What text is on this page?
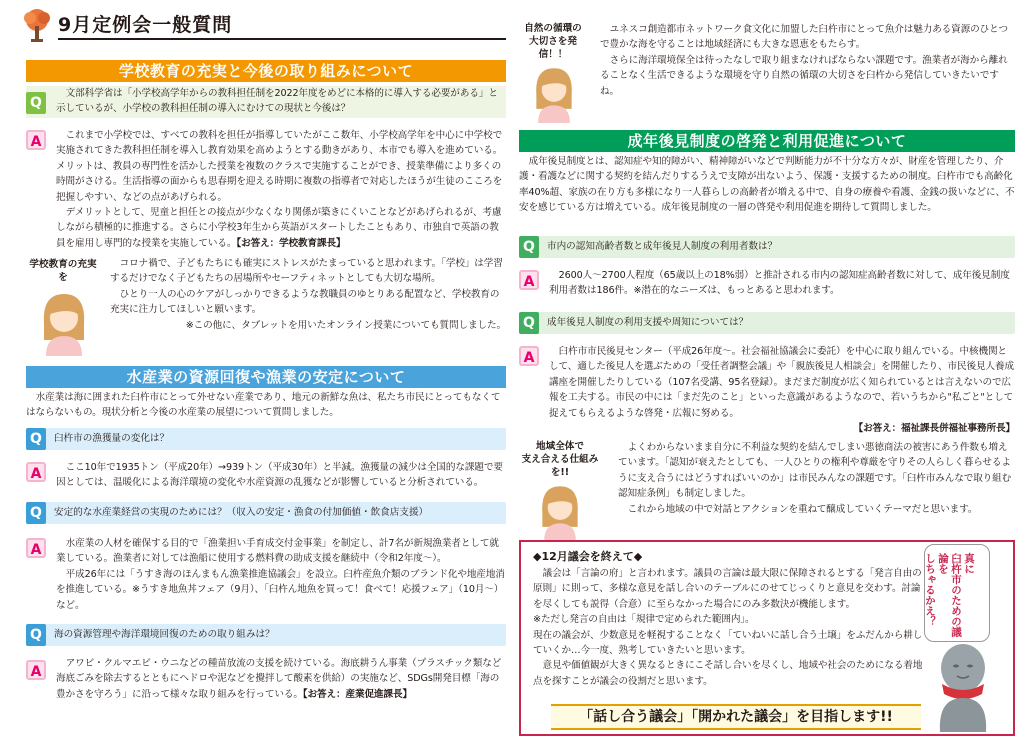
9月定例会一般質問
学校教育の充実と今後の取り組みについて
Q

文部科学省は「小学校高学年からの教科担任制を2022年度をめどに本格的に導入する必要がある」と示しているが、小学校の教科担任制の導入にむけての現状と今後は？

A	これまで小学校では、すべての教科を担任が指導していたがここ数年、小学校高学年を中心に中学校で実施されてきた教科担任制を導入し教育効果を高めようとする動きがあり、本市でも導入を進めている。メリットは、教員の専門性を活かした授業を複数のクラスで実施することができ、授業準備により多くの時間がさける。生活指導の面からも思春期を迎える時期に複数の指導者で対応したほうが生徒のこころを把握しやすい、などの点があげられる。

デメリットとして、児童と担任との接点が少なくなり関係が築きにくいことなどがあげられるが、考慮しながら積極的に推進する。さらに小学校3年生から英語がスタートしたこともあり、市独自で英語の教員を雇用し専門的な授業を実施している。【お答え：学校教育課長】

学校教育の充実を

コロナ禍で、子どもたちにも確実にストレスがたまっていると思われます。「学校」は学習するだけでなく子どもたちの居場所やセーフティネットとしても大切な場所。

ひとり一人の心のケアがしっかりできるような教職員のゆとりある配置など、学校教育の充実に注力してほしいと願います。

※この他に、タブレットを用いたオンライン授業についても質問しました。

水産業の資源回復や漁業の安定について

水産業は海に囲まれた臼杵市にとって外せない産業であり、地元の新鮮な魚は、私たち市民にとってもなくてはならないもの。現状分析と今後の水産業の展望について質問しました。

Q	臼杵市の漁獲量の変化は？
A	ここ10年で1935トン（平成20年）→939トン（平成30年）と半減。漁獲量の減少は全国的な課題で要因としては、温暖化による海洋環境の変化や水産資源の乱獲などが影響していると分析されている。

Q	安定的な水産業経営の実現のためには？（収入の安定・漁食の付加価値・飲食店支援）
A	水産業の人材を確保する目的で「漁業担い手育成交付金事業」を制定し、計7名が新規漁業者として就業している。漁業者に対しては漁船に使用する燃料費の助成支援を継続中（令和2年度〜）。

平成26年には「うすき海のほんまもん漁業推進協議会」を設立。臼杵産魚介類のブランド化や地産地消を推進している。※うすき地魚丼フェア（9月）、「臼杵ん地魚を買って！食べて！応援フェア」（10月〜）など。

Q	海の資源管理や海洋環境回復のための取り組みは？
A

アワビ・クルマエビ・ウニなどの種苗放流の支援を続けている。海底耕うん事業（プラスチック類など海底ごみを除去するとともにヘドロや泥などを攪拌して酸素を供給）の実施など、SDGs開発目標「海の豊かさを守ろう」に沿って様々な取り組みを行っている。【お答え：産業促進課長】

自然の循環の
大切さを発信！！

ユネスコ創造都市ネットワーク食文化に加盟した臼杵市にとって魚介は魅力ある資源のひとつで豊かな海を守ることは地域経済にも大きな恩恵をもたらす。

さらに海洋環境保全は待ったなしで取り組まなければならない課題です。漁業者が海から離れることなく生活できるような環境を守り自然の循環の大切さを臼杵から発信していきたいですね。

成年後見制度の啓発と利用促進について

成年後見制度とは、認知症や知的障がい、精神障がいなどで判断能力が不十分な方々が、財産を管理したり、介護・看護などに関する契約を結んだりするうえで支障が出ないよう、保護・支援するための制度。臼杵市でも高齢化率40%超、家族の在り方も多様になり一人暮らしの高齢者が増える中で、自身の療養や看護、金銭の扱いなどに、不安を感じている方は増えている。成年後見制度の一層の啓発や利用促進を期待して質問しました。

Q	市内の認知高齢者数と成年後見人制度の利用者数は？
A	2600人〜2700人程度（65歳以上の18%弱）と推計される市内の認知症高齢者数に対して、成年後見制度利用者数は186件。※潜在的なニーズは、もっとあると思われます。

Q	成年後見人制度の利用支援や周知については？
A	臼杵市市民後見センター（平成26年度〜。社会福祉協議会に委託）を中心に取り組んでいる。中核機関として、適した後見人を選ぶための「受任者調整会議」や「親族後見人相談会」を開催したり、市民後見人養成講座を開催したりしている（107名受講、95名登録）。まだまだ制度が広く知られているとは言えないので広報を工夫する。市民の中には「まだ先のこと」といった意識があるようなので、若いうちから"私ごと"として捉えてもらえるような啓発・広報に努める。

【お答え：福祉課長併福祉事務所長】

地域全体で
支え合える仕組みを!!

よくわからないまま自分に不利益な契約を結んでしまい悪徳商法の被害にあう件数も増えています。「認知が衰えたとしても、一人ひとりの権利や尊厳を守りその人らしく暮らせるように支え合うにはどうすればいいのか」は市民みんなの課題です。「臼杵市みんなで取り組む認知症条例」も制定しました。

これから地域の中で対話とアクションを重ねて醸成していくテーマだと思います。

◆12月議会を終えて◆

議会は「言論の府」と言われます。議員の言論は最大限に保障されるとする「発言自由の原則」に則って、多様な意見を話し合いのテーブルにのせてじっくりと意見を交わす。討論を尽くしても説得（合意）に至らなかった場合にのみ多数決が機能します。

※ただし発言の自由は「規律で定められた範囲内」。

現在の議会が、少数意見を軽視することなく「ていねいに話し合う土壌」をふだんから耕していくか…今一度、熟考していきたいと思います。

意見や価値観が大きく異なるときにこそ話し合いを尽くし、地域や社会のためになる着地点を探すことが議会の役割だと思います。

「話し合う議会」「開かれた議会」を目指します!!
真に
臼杵市のための議論を
しちゃるかえ？
